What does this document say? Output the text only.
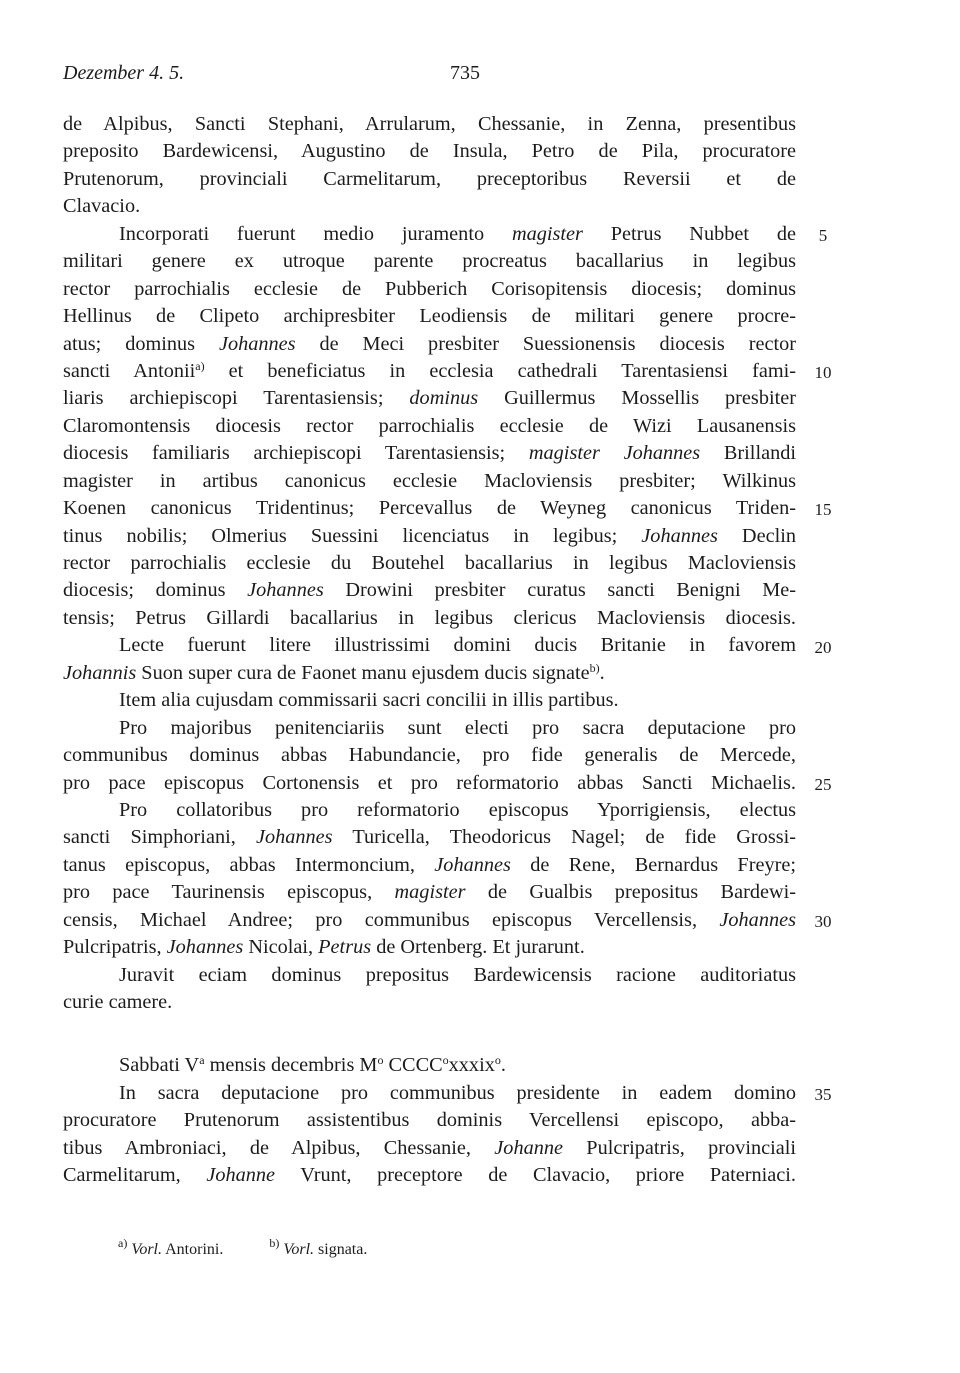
Dezember 4. 5.	735
de Alpibus, Sancti Stephani, Arrularum, Chessanie, in Zenna, presentibus
preposito Bardewicensi, Augustino de Insula, Petro de Pila, procuratore
Prutenorum, provinciali Carmelitarum, preceptoribus Reversii et de
Clavacio.
Incorporati fuerunt medio juramento magister Petrus Nubbet de
militari genere ex utroque parente procreatus bacallarius in legibus
rector parrochialis ecclesie de Pubberich Corisopitensis diocesis; dominus
Hellinus de Clipeto archipresbiter Leodiensis de militari genere procre-
atus; dominus Johannes de Meci presbiter Suessionensis diocesis rector
sancti Antonii$^{a)}$ et beneficiatus in ecclesia cathedrali Tarentasiensi fami-
liaris archiepiscopi Tarentasiensis; dominus Guillermus Mossellis presbiter
Claromontensis diocesis rector parrochialis ecclesie de Wizi Lausanensis
diocesis familiaris archiepiscopi Tarentasiensis; magister Johannes Brillandi
magister in artibus canonicus ecclesie Macloviensis presbiter; Wilkinus
Koenen canonicus Tridentinus; Percevallus de Weyneg canonicus Triden-
tinus nobilis; Olmerius Suessini licenciatus in legibus; Johannes Declin
rector parrochialis ecclesie du Boutehel bacallarius in legibus Macloviensis
diocesis; dominus Johannes Drowini presbiter curatus sancti Benigni Me-
tensis; Petrus Gillardi bacallarius in legibus clericus Macloviensis diocesis.
Lecte fuerunt litere illustrissimi domini ducis Britanie in favorem
Johannis Suon super cura de Faonet manu ejusdem ducis signate$^{b)}$.
Item alia cujusdam commissarii sacri concilii in illis partibus.
Pro majoribus penitenciariis sunt electi pro sacra deputacione pro
communibus dominus abbas Habundancie, pro fide generalis de Mercede,
pro pace episcopus Cortonensis et pro reformatorio abbas Sancti Michaelis.
Pro collatoribus pro reformatorio episcopus Yporrigiensis, electus
sancti Simphoriani, Johannes Turicella, Theodoricus Nagel; de fide Grossi-
tanus episcopus, abbas Intermoncium, Johannes de Rene, Bernardus Freyre;
pro pace Taurinensis episcopus, magister de Gualbis prepositus Bardewi-
censis, Michael Andree; pro communibus episcopus Vercellensis, Johannes
Pulcripatris, Johannes Nicolai, Petrus de Ortenberg. Et jurarunt.
Juravit eciam dominus prepositus Bardewicensis racione auditoriatus
curie camere.
Sabbati $V^a$ mensis decembris $M^o$ CCCC$^o$xxxix$^o$.
In sacra deputacione pro communibus presidente in eadem domino
procuratore Prutenorum assistentibus dominis Vercellensi episcopo, abba-
tibus Ambroniaci, de Alpibus, Chessanie, Johanne Pulcripatris, provinciali
Carmelitarum, Johanne Vrunt, preceptore de Clavacio, priore Paterniaci.
5
10
15
20
25
30
35
$^{a)}$ Vorl. Antorini.	$^{b)}$ Vorl. signata.
